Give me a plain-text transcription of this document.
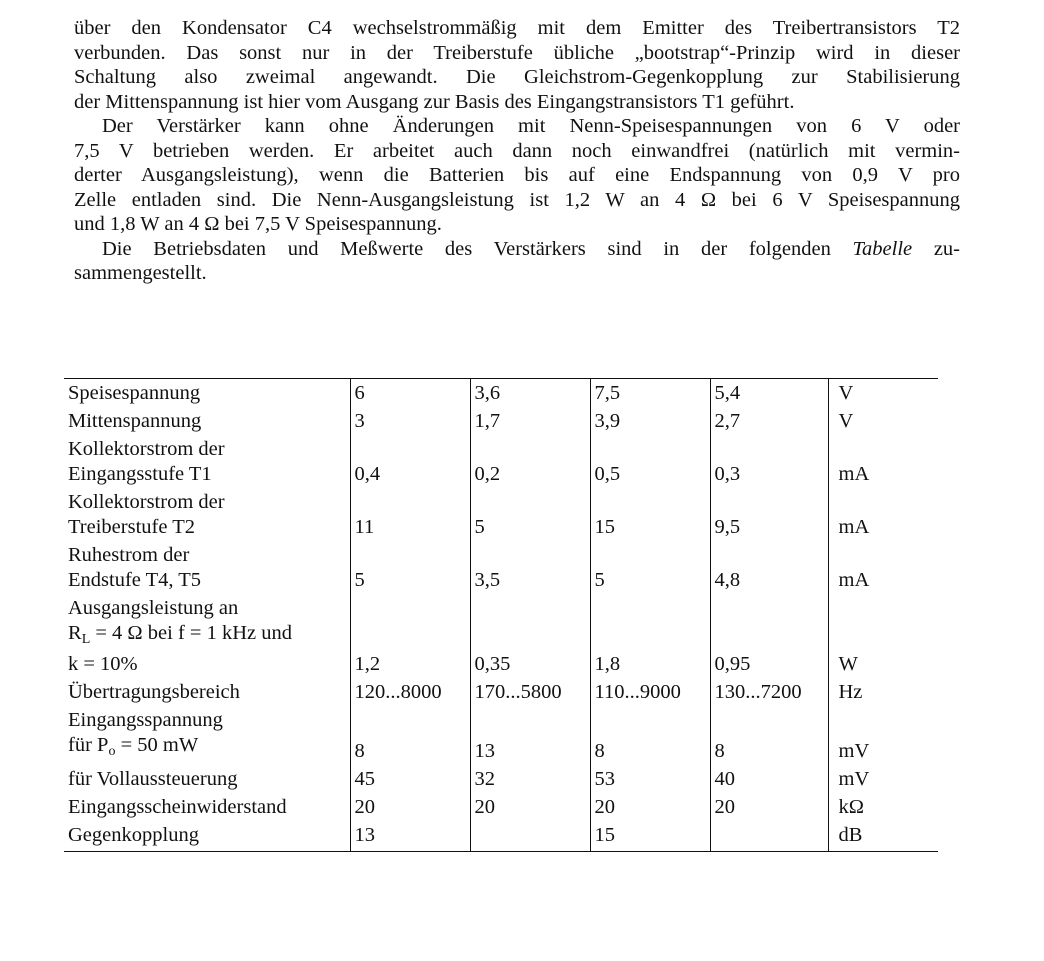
über den Kondensator C4 wechselstrommäßig mit dem Emitter des Treibertransistors T2
verbunden. Das sonst nur in der Treiberstufe übliche „bootstrap“-Prinzip wird in dieser
Schaltung also zweimal angewandt. Die Gleichstrom-Gegenkopplung zur Stabilisierung
der Mittenspannung ist hier vom Ausgang zur Basis des Eingangstransistors T1 geführt.
Der Verstärker kann ohne Änderungen mit Nenn-Speisespannungen von 6 V oder
7,5 V betrieben werden. Er arbeitet auch dann noch einwandfrei (natürlich mit vermin-
derter Ausgangsleistung), wenn die Batterien bis auf eine Endspannung von 0,9 V pro
Zelle entladen sind. Die Nenn-Ausgangsleistung ist 1,2 W an 4 Ω bei 6 V Speisespannung
und 1,8 W an 4 Ω bei 7,5 V Speisespannung.
Die Betriebsdaten und Meßwerte des Verstärkers sind in der folgenden Tabelle zu-
sammengestellt.
Speisespannung	6	3,6	7,5	5,4	V

Mittenspannung	3	1,7	3,9	2,7	V

Kollektorstrom der
Eingangsstufe T1	0,4	0,2	0,5	0,3	mA

Kollektorstrom der
Treiberstufe T2	11	5	15	9,5	mA

Ruhestrom der
Endstufe T4, T5	5	3,5	5	4,8	mA

Ausgangsleistung an
$R_L = 4$ Ω bei f = 1 kHz und
k = 10%	1,2	0,35	1,8	0,95	W

Übertragungsbereich	120...8000	170...5800	110...9000	130...7200	Hz

Eingangsspannung
für $P_o = 50$ mW	8	13	8	8	mV

für Vollaussteuerung	45	32	53	40	mV

Eingangsscheinwiderstand	20	20	20	20	kΩ

Gegenkopplung	13		15		dB
